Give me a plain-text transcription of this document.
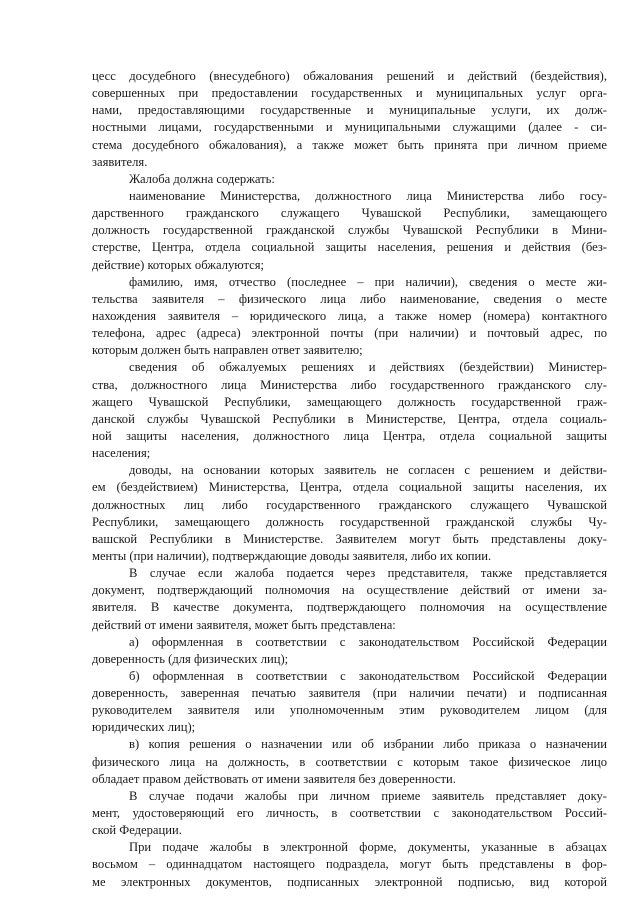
цесс досудебного (внесудебного) обжалования решений и действий (бездействия),
совершенных при предоставлении государственных и муниципальных услуг орга-
нами, предоставляющими государственные и муниципальные услуги, их долж-
ностными лицами, государственными и муниципальными служащими (далее - си-
стема досудебного обжалования), а также может быть принята при личном приеме
заявителя.
Жалоба должна содержать:
наименование Министерства, должностного лица Министерства либо госу-
дарственного гражданского служащего Чувашской Республики, замещающего
должность государственной гражданской службы Чувашской Республики в Мини-
стерстве, Центра, отдела социальной защиты населения, решения и действия (без-
действие) которых обжалуются;
фамилию, имя, отчество (последнее – при наличии), сведения о месте жи-
тельства заявителя – физического лица либо наименование, сведения о месте
нахождения заявителя – юридического лица, а также номер (номера) контактного
телефона, адрес (адреса) электронной почты (при наличии) и почтовый адрес, по
которым должен быть направлен ответ заявителю;
сведения об обжалуемых решениях и действиях (бездействии) Министер-
ства, должностного лица Министерства либо государственного гражданского слу-
жащего Чувашской Республики, замещающего должность государственной граж-
данской службы Чувашской Республики в Министерстве, Центра, отдела социаль-
ной защиты населения, должностного лица Центра, отдела социальной защиты
населения;
доводы, на основании которых заявитель не согласен с решением и действи-
ем (бездействием) Министерства, Центра, отдела социальной защиты населения, их
должностных лиц либо государственного гражданского служащего Чувашской
Республики, замещающего должность государственной гражданской службы Чу-
вашской Республики в Министерстве. Заявителем могут быть представлены доку-
менты (при наличии), подтверждающие доводы заявителя, либо их копии.
В случае если жалоба подается через представителя, также представляется
документ, подтверждающий полномочия на осуществление действий от имени за-
явителя. В качестве документа, подтверждающего полномочия на осуществление
действий от имени заявителя, может быть представлена:
а) оформленная в соответствии с законодательством Российской Федерации
доверенность (для физических лиц);
б) оформленная в соответствии с законодательством Российской Федерации
доверенность, заверенная печатью заявителя (при наличии печати) и подписанная
руководителем заявителя или уполномоченным этим руководителем лицом (для
юридических лиц);
в) копия решения о назначении или об избрании либо приказа о назначении
физического лица на должность, в соответствии с которым такое физическое лицо
обладает правом действовать от имени заявителя без доверенности.
В случае подачи жалобы при личном приеме заявитель представляет доку-
мент, удостоверяющий его личность, в соответствии с законодательством Россий-
ской Федерации.
При подаче жалобы в электронной форме, документы, указанные в абзацах
восьмом – одиннадцатом настоящего подраздела, могут быть представлены в фор-
ме электронных документов, подписанных электронной подписью, вид которой
